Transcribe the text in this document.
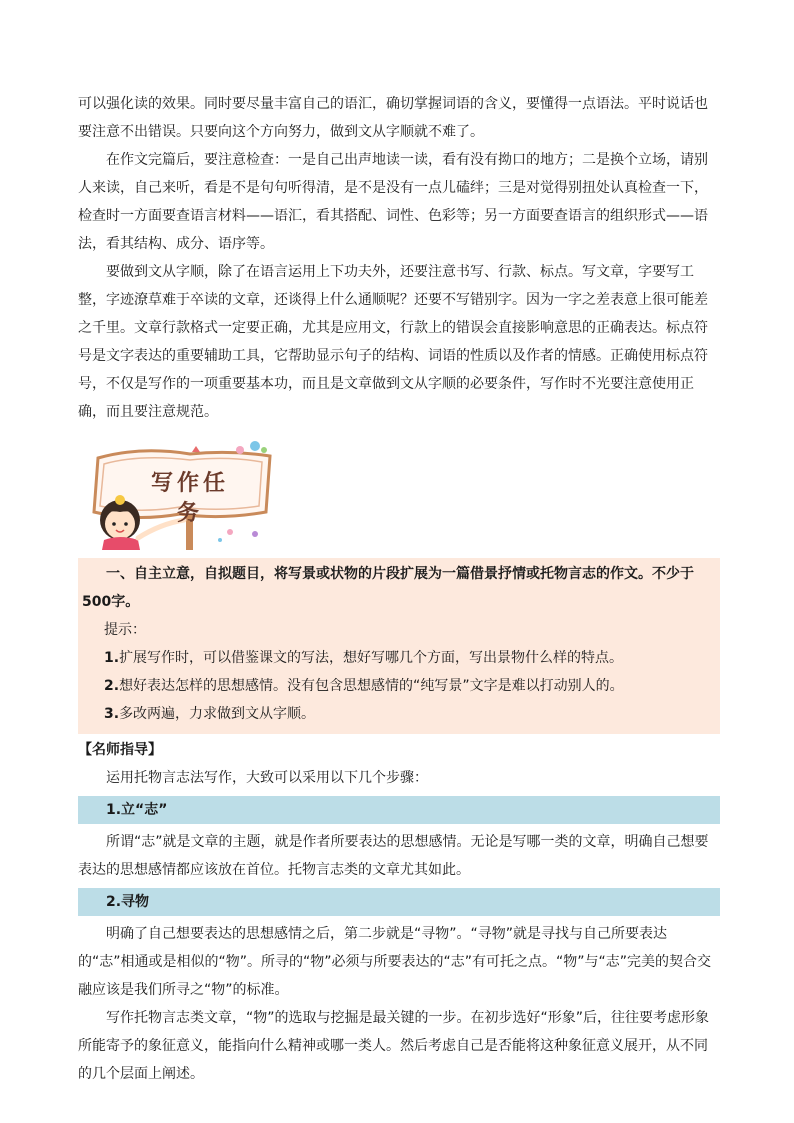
可以强化读的效果。同时要尽量丰富自己的语汇，确切掌握词语的含义，要懂得一点语法。平时说话也要注意不出错误。只要向这个方向努力，做到文从字顺就不难了。

在作文完篇后，要注意检查：一是自己出声地读一读，看有没有拗口的地方；二是换个立场，请别人来读，自己来听，看是不是句句听得清，是不是没有一点儿磕绊；三是对觉得别扭处认真检查一下，检查时一方面要查语言材料——语汇，看其搭配、词性、色彩等；另一方面要查语言的组织形式——语法，看其结构、成分、语序等。

要做到文从字顺，除了在语言运用上下功夫外，还要注意书写、行款、标点。写文章，字要写工整，字迹潦草难于卒读的文章，还谈得上什么通顺呢？还要不写错别字。因为一字之差表意上很可能差之千里。文章行款格式一定要正确，尤其是应用文，行款上的错误会直接影响意思的正确表达。标点符号是文字表达的重要辅助工具，它帮助显示句子的结构、词语的性质以及作者的情感。正确使用标点符号，不仅是写作的一项重要基本功，而且是文章做到文从字顺的必要条件，写作时不光要注意使用正确，而且要注意规范。

写作任务

一、自主立意，自拟题目，将写景或状物的片段扩展为一篇借景抒情或托物言志的作文。不少于500字。

提示：

1.扩展写作时，可以借鉴课文的写法，想好写哪几个方面，写出景物什么样的特点。

2.想好表达怎样的思想感情。没有包含思想感情的“纯写景”文字是难以打动别人的。

3.多改两遍，力求做到文从字顺。

【名师指导】

运用托物言志法写作，大致可以采用以下几个步骤：

1.立“志”

所谓“志”就是文章的主题，就是作者所要表达的思想感情。无论是写哪一类的文章，明确自己想要表达的思想感情都应该放在首位。托物言志类的文章尤其如此。

2.寻物

明确了自己想要表达的思想感情之后，第二步就是“寻物”。“寻物”就是寻找与自己所要表达的“志”相通或是相似的“物”。所寻的“物”必须与所要表达的“志”有可托之点。“物”与“志”完美的契合交融应该是我们所寻之“物”的标准。

写作托物言志类文章，“物”的选取与挖掘是最关键的一步。在初步选好“形象”后，往往要考虑形象所能寄予的象征意义，能指向什么精神或哪一类人。然后考虑自己是否能将这种象征意义展开，从不同的几个层面上阐述。
